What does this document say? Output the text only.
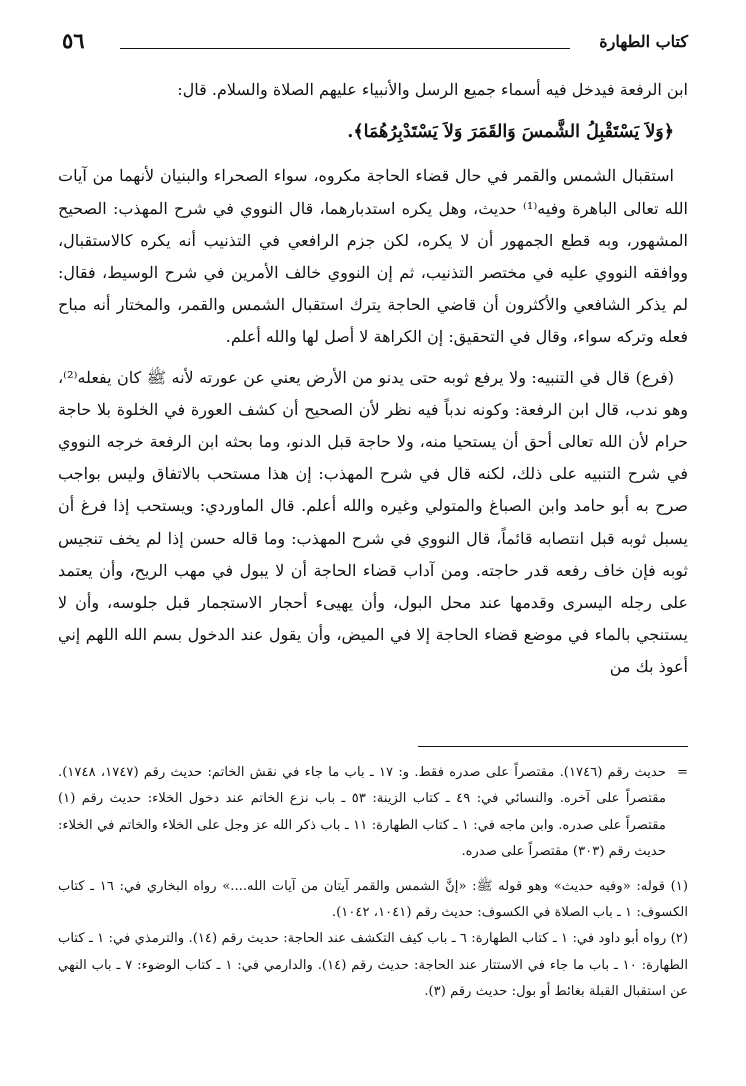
كتاب الطهارة
٥٦

ابن الرفعة فيدخل فيه أسماء جميع الرسل والأنبياء عليهم الصلاة والسلام. قال:

﴿وَلاَ يَسْتَقْبِلُ الشَّمسَ وَالقَمَرَ وَلاَ يَسْتَدْبِرُهُمَا﴾.

استقبال الشمس والقمر في حال قضاء الحاجة مكروه، سواء الصحراء والبنيان لأنهما من آيات الله تعالى الباهرة وفيه⁽¹⁾ حديث، وهل يكره استدبارهما، قال النووي في شرح المهذب: الصحيح المشهور، وبه قطع الجمهور أن لا يكره، لكن جزم الرافعي في التذنيب أنه يكره كالاستقبال، ووافقه النووي عليه في مختصر التذنيب، ثم إن النووي خالف الأمرين في شرح الوسيط، فقال: لم يذكر الشافعي والأكثرون أن قاضي الحاجة يترك استقبال الشمس والقمر، والمختار أنه مباح فعله وتركه سواء، وقال في التحقيق: إن الكراهة لا أصل لها والله أعلم.

(فرع) قال في التنبيه: ولا يرفع ثوبه حتى يدنو من الأرض يعني عن عورته لأنه ﷺ كان يفعله⁽²⁾، وهو ندب، قال ابن الرفعة: وكونه ندباً فيه نظر لأن الصحيح أن كشف العورة في الخلوة بلا حاجة حرام لأن الله تعالى أحق أن يستحيا منه، ولا حاجة قبل الدنو، وما بحثه ابن الرفعة خرجه النووي في شرح التنبيه على ذلك، لكنه قال في شرح المهذب: إن هذا مستحب بالاتفاق وليس بواجب صرح به أبو حامد وابن الصباغ والمتولي وغيره والله أعلم. قال الماوردي: ويستحب إذا فرغ أن يسبل ثوبه قبل انتصابه قائماً، قال النووي في شرح المهذب: وما قاله حسن إذا لم يخف تنجيس ثوبه فإن خاف رفعه قدر حاجته. ومن آداب قضاء الحاجة أن لا يبول في مهب الريح، وأن يعتمد على رجله اليسرى وقدمها عند محل البول، وأن يهيىء أحجار الاستجمار قبل جلوسه، وأن لا يستنجي بالماء في موضع قضاء الحاجة إلا في الميض، وأن يقول عند الدخول بسم الله اللهم إني أعوذ بك من

=
حديث رقم (١٧٤٦). مقتصراً على صدره فقط. و: ١٧ ـ باب ما جاء في نقش الخاتم: حديث رقم (١٧٤٧، ١٧٤٨). مقتصراً على آخره. والنسائي في: ٤٩ ـ كتاب الزينة: ٥٣ ـ باب نزع الخاتم عند دخول الخلاء: حديث رقم (١) مقتصراً على صدره. وابن ماجه في: ١ ـ كتاب الطهارة: ١١ ـ باب ذكر الله عز وجل على الخلاء والخاتم في الخلاء: حديث رقم (٣٠٣) مقتصراً على صدره.

(١) قوله: «وفيه حديث» وهو قوله ﷺ: «إنَّ الشمس والقمر آيتان من آيات الله....» رواه البخاري في: ١٦ ـ كتاب الكسوف: ١ ـ باب الصلاة في الكسوف: حديث رقم (١٠٤١، ١٠٤٢).

(٢) رواه أبو داود في: ١ ـ كتاب الطهارة: ٦ ـ باب كيف التكشف عند الحاجة: حديث رقم (١٤). والترمذي في: ١ ـ كتاب الطهارة: ١٠ ـ باب ما جاء في الاستتار عند الحاجة: حديث رقم (١٤). والدارمي في: ١ ـ كتاب الوضوء: ٧ ـ باب النهي عن استقبال القبلة بغائط أو بول: حديث رقم (٣).
